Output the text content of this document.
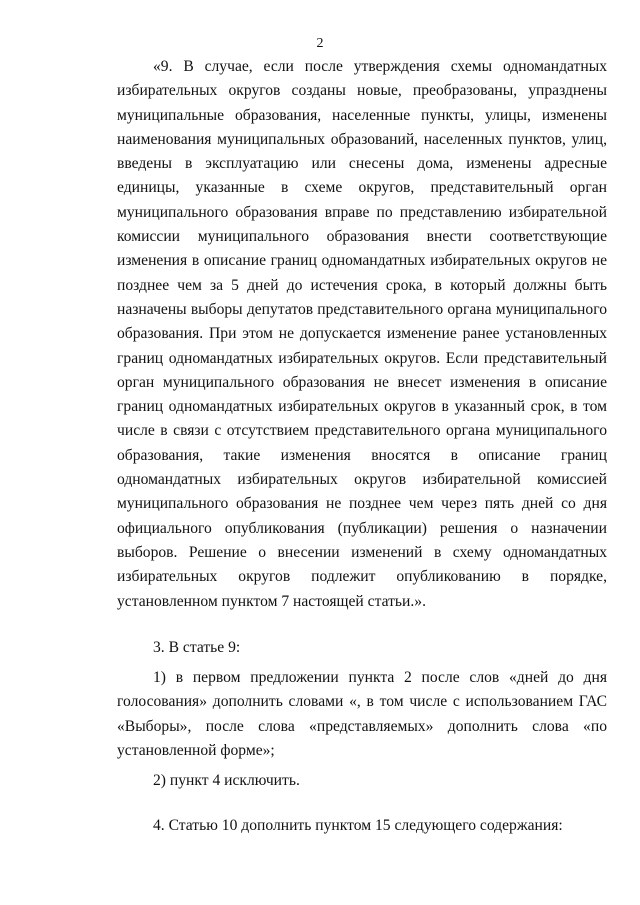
2

«9. В случае, если после утверждения схемы одномандатных избирательных округов созданы новые, преобразованы, упразднены муниципальные образования, населенные пункты, улицы, изменены наименования муниципальных образований, населенных пунктов, улиц, введены в эксплуатацию или снесены дома, изменены адресные единицы, указанные в схеме округов, представительный орган муниципального образования вправе по представлению избирательной комиссии муниципального образования внести соответствующие изменения в описание границ одномандатных избирательных округов не позднее чем за 5 дней до истечения срока, в который должны быть назначены выборы депутатов представительного органа муниципального образования. При этом не допускается изменение ранее установленных границ одномандатных избирательных округов. Если представительный орган муниципального образования не внесет изменения в описание границ одномандатных избирательных округов в указанный срок, в том числе в связи с отсутствием представительного органа муниципального образования, такие изменения вносятся в описание границ одномандатных избирательных округов избирательной комиссией муниципального образования не позднее чем через пять дней со дня официального опубликования (публикации) решения о назначении выборов. Решение о внесении изменений в схему одномандатных избирательных округов подлежит опубликованию в порядке, установленном пунктом 7 настоящей статьи.».

3. В статье 9:

1) в первом предложении пункта 2 после слов «дней до дня голосования» дополнить словами «, в том числе с использованием ГАС «Выборы», после слова «представляемых» дополнить слова «по установленной форме»;

2) пункт 4 исключить.

4. Статью 10 дополнить пунктом 15 следующего содержания:
